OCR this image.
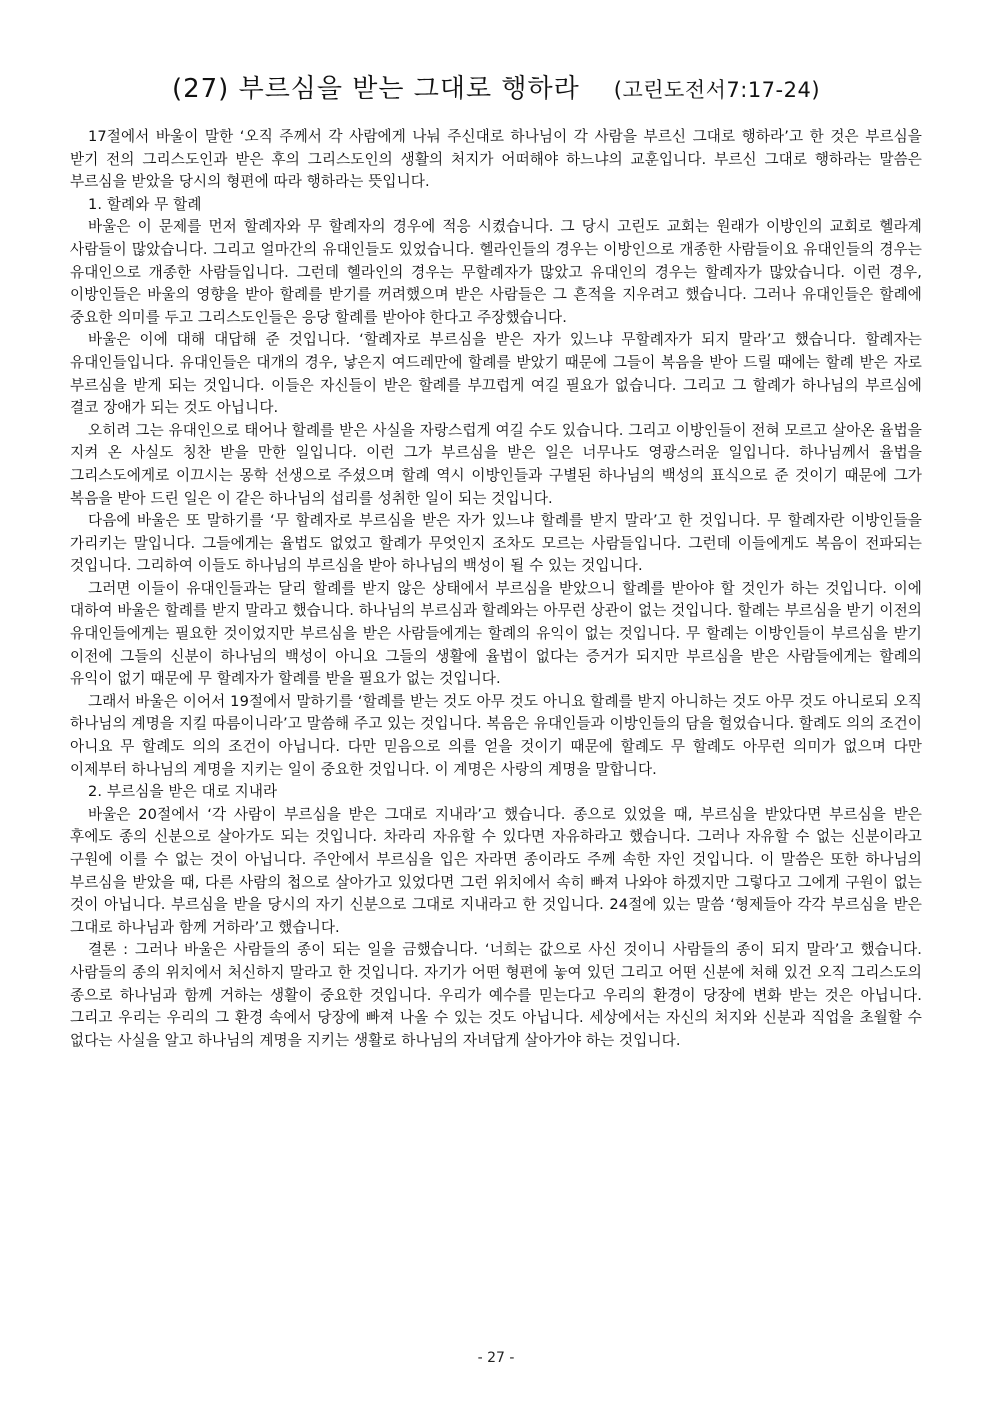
(27) 부르심을 받는 그대로 행하라 (고린도전서7:17-24)

17절에서 바울이 말한 ‘오직 주께서 각 사람에게 나눠 주신대로 하나님이 각 사람을 부르신 그대로 행하라’고 한 것은 부르심을 받기 전의 그리스도인과 받은 후의 그리스도인의 생활의 처지가 어떠해야 하느냐의 교훈입니다. 부르신 그대로 행하라는 말씀은 부르심을 받았을 당시의 형편에 따라 행하라는 뜻입니다.

1. 할례와 무 할례

바울은 이 문제를 먼저 할례자와 무 할례자의 경우에 적응 시켰습니다. 그 당시 고린도 교회는 원래가 이방인의 교회로 헬라계 사람들이 많았습니다. 그리고 얼마간의 유대인들도 있었습니다. 헬라인들의 경우는 이방인으로 개종한 사람들이요 유대인들의 경우는 유대인으로 개종한 사람들입니다. 그런데 헬라인의 경우는 무할례자가 많았고 유대인의 경우는 할례자가 많았습니다. 이런 경우, 이방인들은 바울의 영향을 받아 할례를 받기를 꺼려했으며 받은 사람들은 그 흔적을 지우려고 했습니다. 그러나 유대인들은 할례에 중요한 의미를 두고 그리스도인들은 응당 할례를 받아야 한다고 주장했습니다.

바울은 이에 대해 대답해 준 것입니다. ‘할례자로 부르심을 받은 자가 있느냐 무할례자가 되지 말라’고 했습니다. 할례자는 유대인들입니다. 유대인들은 대개의 경우, 낳은지 여드레만에 할례를 받았기 때문에 그들이 복음을 받아 드릴 때에는 할례 받은 자로 부르심을 받게 되는 것입니다. 이들은 자신들이 받은 할례를 부끄럽게 여길 필요가 없습니다. 그리고 그 할례가 하나님의 부르심에 결코 장애가 되는 것도 아닙니다.

오히려 그는 유대인으로 태어나 할례를 받은 사실을 자랑스럽게 여길 수도 있습니다. 그리고 이방인들이 전혀 모르고 살아온 율법을 지켜 온 사실도 칭찬 받을 만한 일입니다. 이런 그가 부르심을 받은 일은 너무나도 영광스러운 일입니다. 하나님께서 율법을 그리스도에게로 이끄시는 몽학 선생으로 주셨으며 할례 역시 이방인들과 구별된 하나님의 백성의 표식으로 준 것이기 때문에 그가 복음을 받아 드린 일은 이 같은 하나님의 섭리를 성취한 일이 되는 것입니다.

다음에 바울은 또 말하기를 ‘무 할례자로 부르심을 받은 자가 있느냐 할례를 받지 말라’고 한 것입니다. 무 할례자란 이방인들을 가리키는 말입니다. 그들에게는 율법도 없었고 할례가 무엇인지 조차도 모르는 사람들입니다. 그런데 이들에게도 복음이 전파되는 것입니다. 그리하여 이들도 하나님의 부르심을 받아 하나님의 백성이 될 수 있는 것입니다.

그러면 이들이 유대인들과는 달리 할례를 받지 않은 상태에서 부르심을 받았으니 할례를 받아야 할 것인가 하는 것입니다. 이에 대하여 바울은 할례를 받지 말라고 했습니다. 하나님의 부르심과 할례와는 아무런 상관이 없는 것입니다. 할례는 부르심을 받기 이전의 유대인들에게는 필요한 것이었지만 부르심을 받은 사람들에게는 할례의 유익이 없는 것입니다. 무 할례는 이방인들이 부르심을 받기 이전에 그들의 신분이 하나님의 백성이 아니요 그들의 생활에 율법이 없다는 증거가 되지만 부르심을 받은 사람들에게는 할례의 유익이 없기 때문에 무 할례자가 할례를 받을 필요가 없는 것입니다.

그래서 바울은 이어서 19절에서 말하기를 ‘할례를 받는 것도 아무 것도 아니요 할례를 받지 아니하는 것도 아무 것도 아니로되 오직 하나님의 계명을 지킬 따름이니라’고 말씀해 주고 있는 것입니다. 복음은 유대인들과 이방인들의 담을 헐었습니다. 할례도 의의 조건이 아니요 무 할례도 의의 조건이 아닙니다. 다만 믿음으로 의를 얻을 것이기 때문에 할례도 무 할례도 아무런 의미가 없으며 다만 이제부터 하나님의 계명을 지키는 일이 중요한 것입니다. 이 계명은 사랑의 계명을 말합니다.

2. 부르심을 받은 대로 지내라

바울은 20절에서 ‘각 사람이 부르심을 받은 그대로 지내라’고 했습니다. 종으로 있었을 때, 부르심을 받았다면 부르심을 받은 후에도 종의 신분으로 살아가도 되는 것입니다. 차라리 자유할 수 있다면 자유하라고 했습니다. 그러나 자유할 수 없는 신분이라고 구원에 이를 수 없는 것이 아닙니다. 주안에서 부르심을 입은 자라면 종이라도 주께 속한 자인 것입니다. 이 말씀은 또한 하나님의 부르심을 받았을 때, 다른 사람의 첩으로 살아가고 있었다면 그런 위치에서 속히 빠져 나와야 하겠지만 그렇다고 그에게 구원이 없는 것이 아닙니다. 부르심을 받을 당시의 자기 신분으로 그대로 지내라고 한 것입니다. 24절에 있는 말씀 ‘형제들아 각각 부르심을 받은 그대로 하나님과 함께 거하라’고 했습니다.

결론 : 그러나 바울은 사람들의 종이 되는 일을 금했습니다. ‘너희는 값으로 사신 것이니 사람들의 종이 되지 말라’고 했습니다. 사람들의 종의 위치에서 처신하지 말라고 한 것입니다. 자기가 어떤 형편에 놓여 있던 그리고 어떤 신분에 처해 있건 오직 그리스도의 종으로 하나님과 함께 거하는 생활이 중요한 것입니다. 우리가 예수를 믿는다고 우리의 환경이 당장에 변화 받는 것은 아닙니다. 그리고 우리는 우리의 그 환경 속에서 당장에 빠져 나올 수 있는 것도 아닙니다. 세상에서는 자신의 처지와 신분과 직업을 초월할 수 없다는 사실을 알고 하나님의 계명을 지키는 생활로 하나님의 자녀답게 살아가야 하는 것입니다.

- 27 -
